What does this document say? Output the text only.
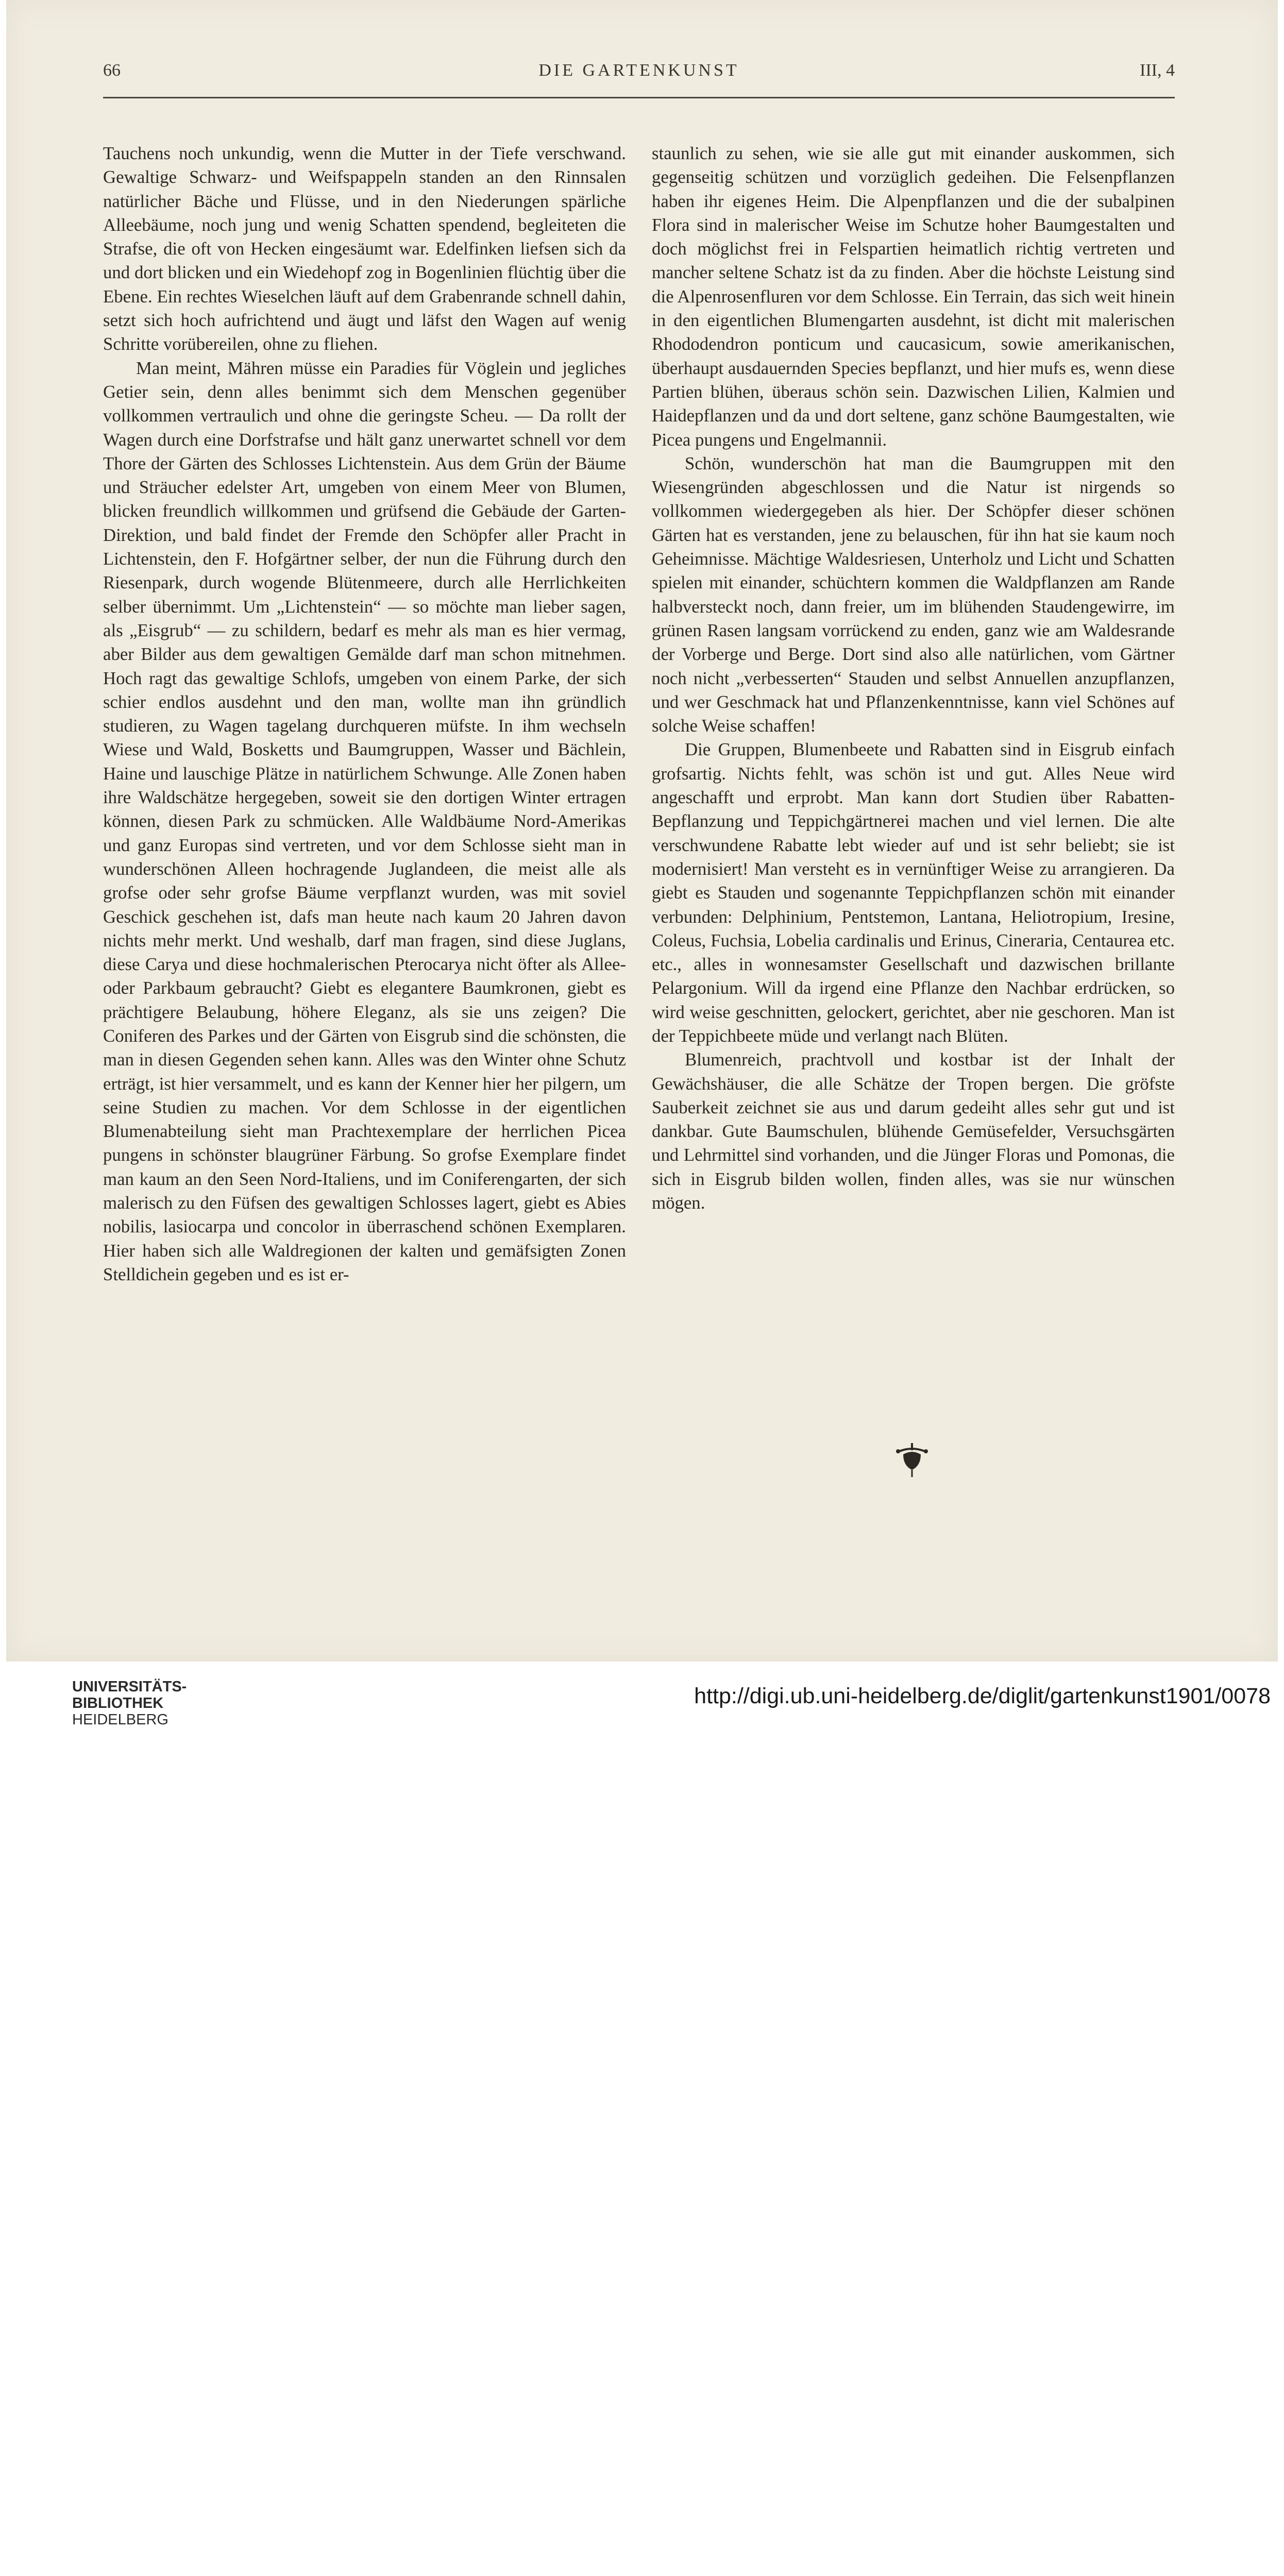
66	DIE GARTENKUNST	III, 4

Tauchens noch unkundig, wenn die Mutter in der Tiefe verschwand. Gewaltige Schwarz- und Weifspappeln standen an den Rinnsalen natürlicher Bäche und Flüsse, und in den Niederungen spärliche Alleebäume, noch jung und wenig Schatten spendend, begleiteten die Strafse, die oft von Hecken eingesäumt war. Edelfinken liefsen sich da und dort blicken und ein Wiedehopf zog in Bogenlinien flüchtig über die Ebene. Ein rechtes Wieselchen läuft auf dem Grabenrande schnell dahin, setzt sich hoch aufrichtend und äugt und läfst den Wagen auf wenig Schritte vorübereilen, ohne zu fliehen.

Man meint, Mähren müsse ein Paradies für Vöglein und jegliches Getier sein, denn alles benimmt sich dem Menschen gegenüber vollkommen vertraulich und ohne die geringste Scheu. — Da rollt der Wagen durch eine Dorfstrafse und hält ganz unerwartet schnell vor dem Thore der Gärten des Schlosses Lichtenstein. Aus dem Grün der Bäume und Sträucher edelster Art, umgeben von einem Meer von Blumen, blicken freundlich willkommen und grüfsend die Gebäude der Garten-Direktion, und bald findet der Fremde den Schöpfer aller Pracht in Lichtenstein, den F. Hofgärtner selber, der nun die Führung durch den Riesenpark, durch wogende Blütenmeere, durch alle Herrlichkeiten selber übernimmt. Um „Lichtenstein“ — so möchte man lieber sagen, als „Eisgrub“ — zu schildern, bedarf es mehr als man es hier vermag, aber Bilder aus dem gewaltigen Gemälde darf man schon mitnehmen. Hoch ragt das gewaltige Schlofs, umgeben von einem Parke, der sich schier endlos ausdehnt und den man, wollte man ihn gründlich studieren, zu Wagen tagelang durchqueren müfste. In ihm wechseln Wiese und Wald, Bosketts und Baumgruppen, Wasser und Bächlein, Haine und lauschige Plätze in natürlichem Schwunge. Alle Zonen haben ihre Waldschätze hergegeben, soweit sie den dortigen Winter ertragen können, diesen Park zu schmücken. Alle Waldbäume Nord-Amerikas und ganz Europas sind vertreten, und vor dem Schlosse sieht man in wunderschönen Alleen hochragende Juglandeen, die meist alle als grofse oder sehr grofse Bäume verpflanzt wurden, was mit soviel Geschick geschehen ist, dafs man heute nach kaum 20 Jahren davon nichts mehr merkt. Und weshalb, darf man fragen, sind diese Juglans, diese Carya und diese hochmalerischen Pterocarya nicht öfter als Allee- oder Parkbaum gebraucht? Giebt es elegantere Baumkronen, giebt es prächtigere Belaubung, höhere Eleganz, als sie uns zeigen? Die Coniferen des Parkes und der Gärten von Eisgrub sind die schönsten, die man in diesen Gegenden sehen kann. Alles was den Winter ohne Schutz erträgt, ist hier versammelt, und es kann der Kenner hier her pilgern, um seine Studien zu machen. Vor dem Schlosse in der eigentlichen Blumenabteilung sieht man Prachtexemplare der herrlichen Picea pungens in schönster blaugrüner Färbung. So grofse Exemplare findet man kaum an den Seen Nord-Italiens, und im Coniferengarten, der sich malerisch zu den Füfsen des gewaltigen Schlosses lagert, giebt es Abies nobilis, lasiocarpa und concolor in überraschend schönen Exemplaren. Hier haben sich alle Waldregionen der kalten und gemäfsigten Zonen Stelldichein gegeben und es ist er-

staunlich zu sehen, wie sie alle gut mit einander auskommen, sich gegenseitig schützen und vorzüglich gedeihen. Die Felsenpflanzen haben ihr eigenes Heim. Die Alpenpflanzen und die der subalpinen Flora sind in malerischer Weise im Schutze hoher Baumgestalten und doch möglichst frei in Felspartien heimatlich richtig vertreten und mancher seltene Schatz ist da zu finden. Aber die höchste Leistung sind die Alpenrosenfluren vor dem Schlosse. Ein Terrain, das sich weit hinein in den eigentlichen Blumengarten ausdehnt, ist dicht mit malerischen Rhododendron ponticum und caucasicum, sowie amerikanischen, überhaupt ausdauernden Species bepflanzt, und hier mufs es, wenn diese Partien blühen, überaus schön sein. Dazwischen Lilien, Kalmien und Haidepflanzen und da und dort seltene, ganz schöne Baumgestalten, wie Picea pungens und Engelmannii.

Schön, wunderschön hat man die Baumgruppen mit den Wiesengründen abgeschlossen und die Natur ist nirgends so vollkommen wiedergegeben als hier. Der Schöpfer dieser schönen Gärten hat es verstanden, jene zu belauschen, für ihn hat sie kaum noch Geheimnisse. Mächtige Waldesriesen, Unterholz und Licht und Schatten spielen mit einander, schüchtern kommen die Waldpflanzen am Rande halbversteckt noch, dann freier, um im blühenden Staudengewirre, im grünen Rasen langsam vorrückend zu enden, ganz wie am Waldesrande der Vorberge und Berge. Dort sind also alle natürlichen, vom Gärtner noch nicht „verbesserten“ Stauden und selbst Annuellen anzupflanzen, und wer Geschmack hat und Pflanzenkenntnisse, kann viel Schönes auf solche Weise schaffen!

Die Gruppen, Blumenbeete und Rabatten sind in Eisgrub einfach grofsartig. Nichts fehlt, was schön ist und gut. Alles Neue wird angeschafft und erprobt. Man kann dort Studien über Rabatten-Bepflanzung und Teppichgärtnerei machen und viel lernen. Die alte verschwundene Rabatte lebt wieder auf und ist sehr beliebt; sie ist modernisiert! Man versteht es in vernünftiger Weise zu arrangieren. Da giebt es Stauden und sogenannte Teppichpflanzen schön mit einander verbunden: Delphinium, Pentstemon, Lantana, Heliotropium, Iresine, Coleus, Fuchsia, Lobelia cardinalis und Erinus, Cineraria, Centaurea etc. etc., alles in wonnesamster Gesellschaft und dazwischen brillante Pelargonium. Will da irgend eine Pflanze den Nachbar erdrücken, so wird weise geschnitten, gelockert, gerichtet, aber nie geschoren. Man ist der Teppichbeete müde und verlangt nach Blüten.

Blumenreich, prachtvoll und kostbar ist der Inhalt der Gewächshäuser, die alle Schätze der Tropen bergen. Die gröfste Sauberkeit zeichnet sie aus und darum gedeiht alles sehr gut und ist dankbar. Gute Baumschulen, blühende Gemüsefelder, Versuchsgärten und Lehrmittel sind vorhanden, und die Jünger Floras und Pomonas, die sich in Eisgrub bilden wollen, finden alles, was sie nur wünschen mögen.

UNIVERSITÄTS-
BIBLIOTHEK
HEIDELBERG
http://digi.ub.uni-heidelberg.de/diglit/gartenkunst1901/0078
